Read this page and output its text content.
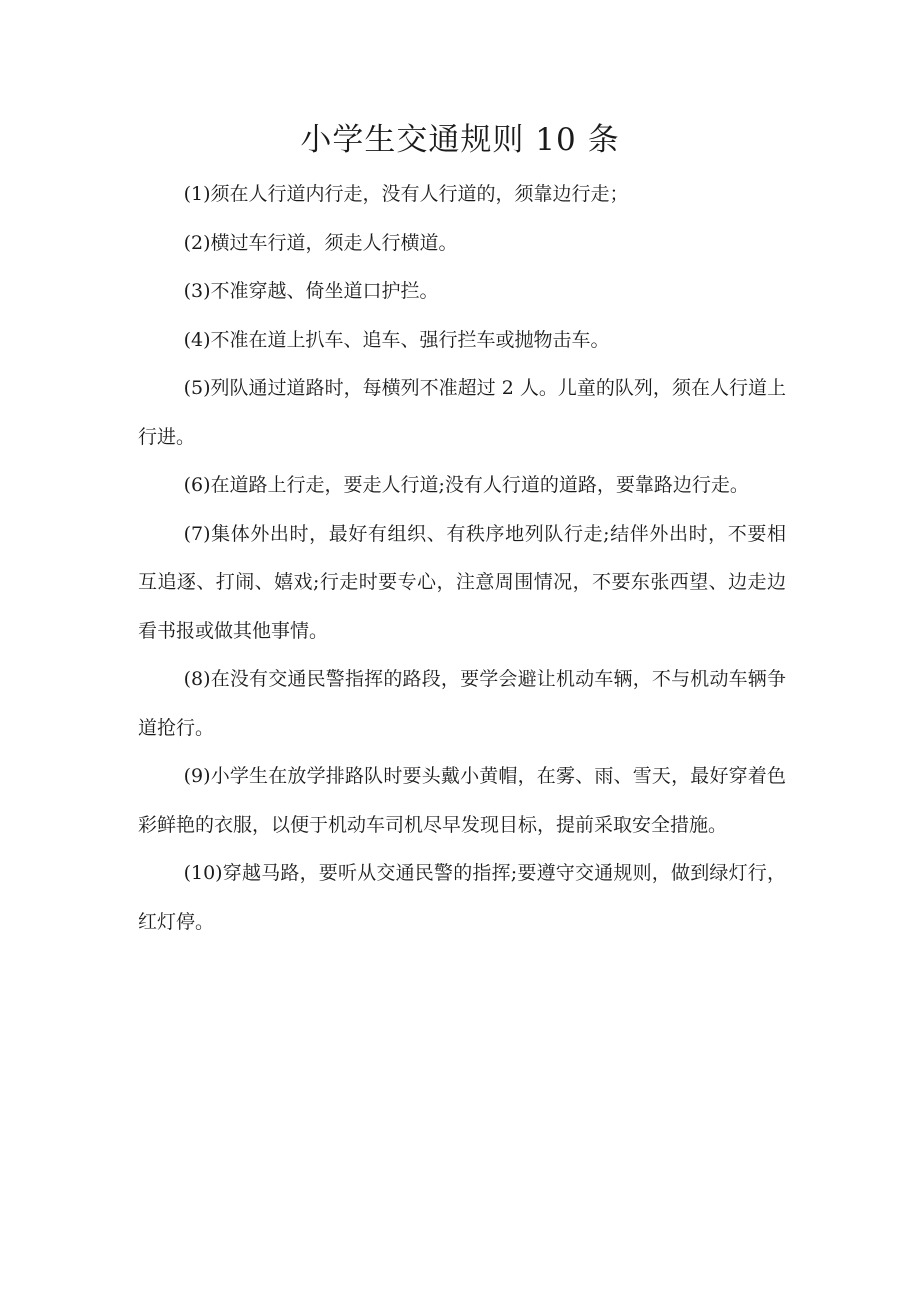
小学生交通规则 10 条

(1)须在人行道内行走，没有人行道的，须靠边行走；

(2)横过车行道，须走人行横道。

(3)不准穿越、倚坐道口护拦。

(4)不准在道上扒车、追车、强行拦车或抛物击车。

(5)列队通过道路时，每横列不准超过 2 人。儿童的队列，须在人行道上行进。

(6)在道路上行走，要走人行道;没有人行道的道路，要靠路边行走。

(7)集体外出时，最好有组织、有秩序地列队行走;结伴外出时，不要相互追逐、打闹、嬉戏;行走时要专心，注意周围情况，不要东张西望、边走边看书报或做其他事情。

(8)在没有交通民警指挥的路段，要学会避让机动车辆，不与机动车辆争道抢行。

(9)小学生在放学排路队时要头戴小黄帽，在雾、雨、雪天，最好穿着色彩鲜艳的衣服，以便于机动车司机尽早发现目标，提前采取安全措施。

(10)穿越马路，要听从交通民警的指挥;要遵守交通规则，做到绿灯行，红灯停。
